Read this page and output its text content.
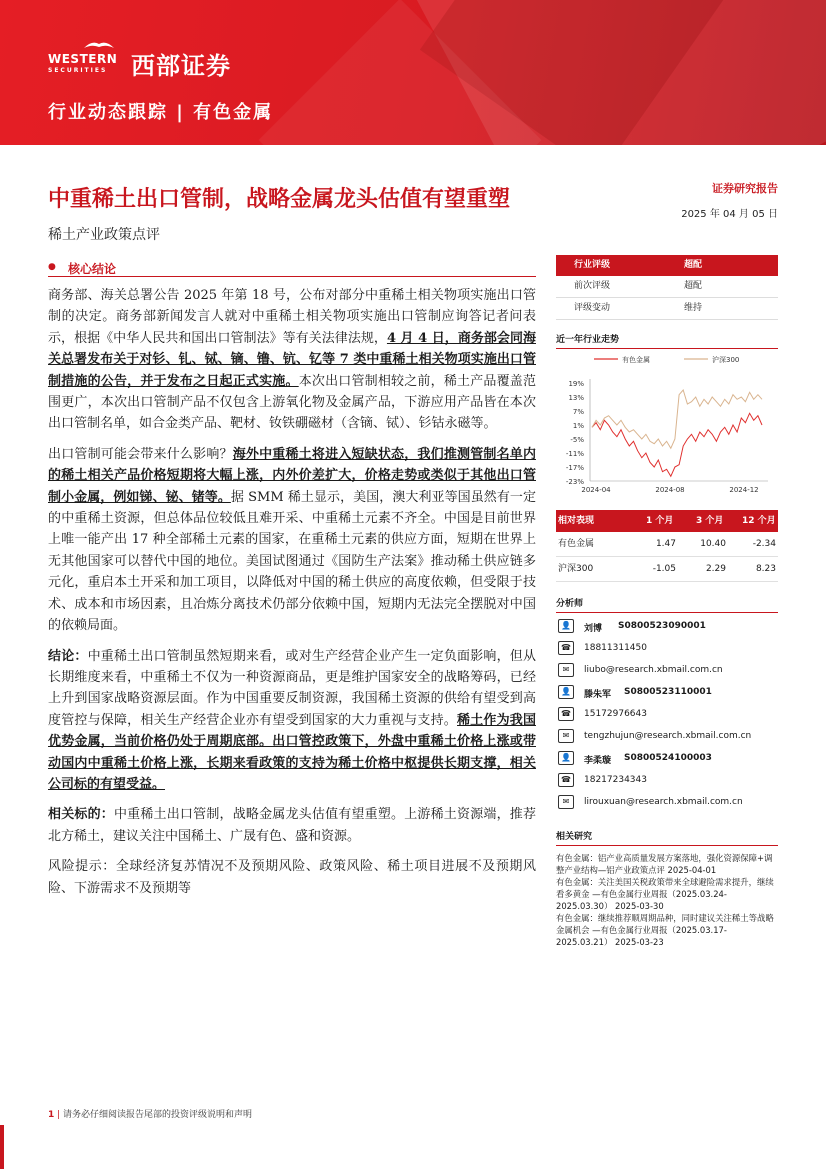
WESTERN
SECURITIES 西部证券
行业动态跟踪 | 有色金属
中重稀土出口管制，战略金属龙头估值有望重塑
稀土产业政策点评
证券研究报告
2025 年 04 月 05 日
● 核心结论

商务部、海关总署公告 2025 年第 18 号，公布对部分中重稀土相关物项实施出口管制的决定。商务部新闻发言人就对中重稀土相关物项实施出口管制应询答记者问表示，根据《中华人民共和国出口管制法》等有关法律法规，4 月 4 日，商务部会同海关总署发布关于对钐、钆、铽、镝、镥、钪、钇等 7 类中重稀土相关物项实施出口管制措施的公告，并于发布之日起正式实施。本次出口管制相较之前，稀土产品覆盖范围更广，本次出口管制产品不仅包含上游氧化物及金属产品，下游应用产品皆在本次出口管制名单，如合金类产品、靶材、钕铁硼磁材（含镝、铽）、钐钴永磁等。

出口管制可能会带来什么影响？海外中重稀土将进入短缺状态，我们推测管制名单内的稀土相关产品价格短期将大幅上涨，内外价差扩大，价格走势或类似于其他出口管制小金属，例如锑、铋、锗等。据 SMM 稀土显示，美国，澳大利亚等国虽然有一定的中重稀土资源，但总体品位较低且难开采、中重稀土元素不齐全。中国是目前世界上唯一能产出 17 种全部稀土元素的国家，在重稀土元素的供应方面，短期在世界上无其他国家可以替代中国的地位。美国试图通过《国防生产法案》推动稀土供应链多元化，重启本土开采和加工项目，以降低对中国的稀土供应的高度依赖，但受限于技术、成本和市场因素，且冶炼分离技术仍部分依赖中国，短期内无法完全摆脱对中国的依赖局面。

结论：中重稀土出口管制虽然短期来看，或对生产经营企业产生一定负面影响，但从长期维度来看，中重稀土不仅为一种资源商品，更是维护国家安全的战略筹码，已经上升到国家战略资源层面。作为中国重要反制资源，我国稀土资源的供给有望受到高度管控与保障，相关生产经营企业亦有望受到国家的大力重视与支持。稀土作为我国优势金属，当前价格仍处于周期底部。出口管控政策下，外盘中重稀土价格上涨或带动国内中重稀土价格上涨，长期来看政策的支持为稀土价格中枢提供长期支撑，相关公司标的有望受益。

相关标的：中重稀土出口管制，战略金属龙头估值有望重塑。上游稀土资源端，推荐北方稀土，建议关注中国稀土、广晟有色、盛和资源。

风险提示：全球经济复苏情况不及预期风险、政策风险、稀土项目进展不及预期风险、下游需求不及预期等

行业评级	超配
前次评级	超配
评级变动	维持
近一年行业走势
有色金属	沪深300
19%
13%
7%
1%
-5%
-11%
-17%
-23%
2024-04	2024-08	2024-12
相对表现	1 个月	3 个月 12 个月
有色金属	1.47	10.40	-2.34
沪深300	-1.05	2.29	8.23
分析师
👤	刘博 S0800523090001
☎	18811311450
✉	liubo@research.xbmail.com.cn
👤	滕朱军 S0800523110001
☎	15172976643
✉	tengzhujun@research.xbmail.com.cn
👤	李柔璇 S0800524100003
☎	18217234343
✉	lirouxuan@research.xbmail.com.cn
相关研究
有色金属：铝产业高质量发展方案落地，强化资源保障+调整产业结构—铝产业政策点评 2025-04-01
有色金属：关注美国关税政策带来全球避险需求提升，继续看多黄金 —有色金属行业周报（2025.03.24-2025.03.30） 2025-03-30
有色金属：继续推荐顺周期品种，同时建议关注稀土等战略金属机会 —有色金属行业周报（2025.03.17-2025.03.21） 2025-03-23
1 | 请务必仔细阅读报告尾部的投资评级说明和声明
